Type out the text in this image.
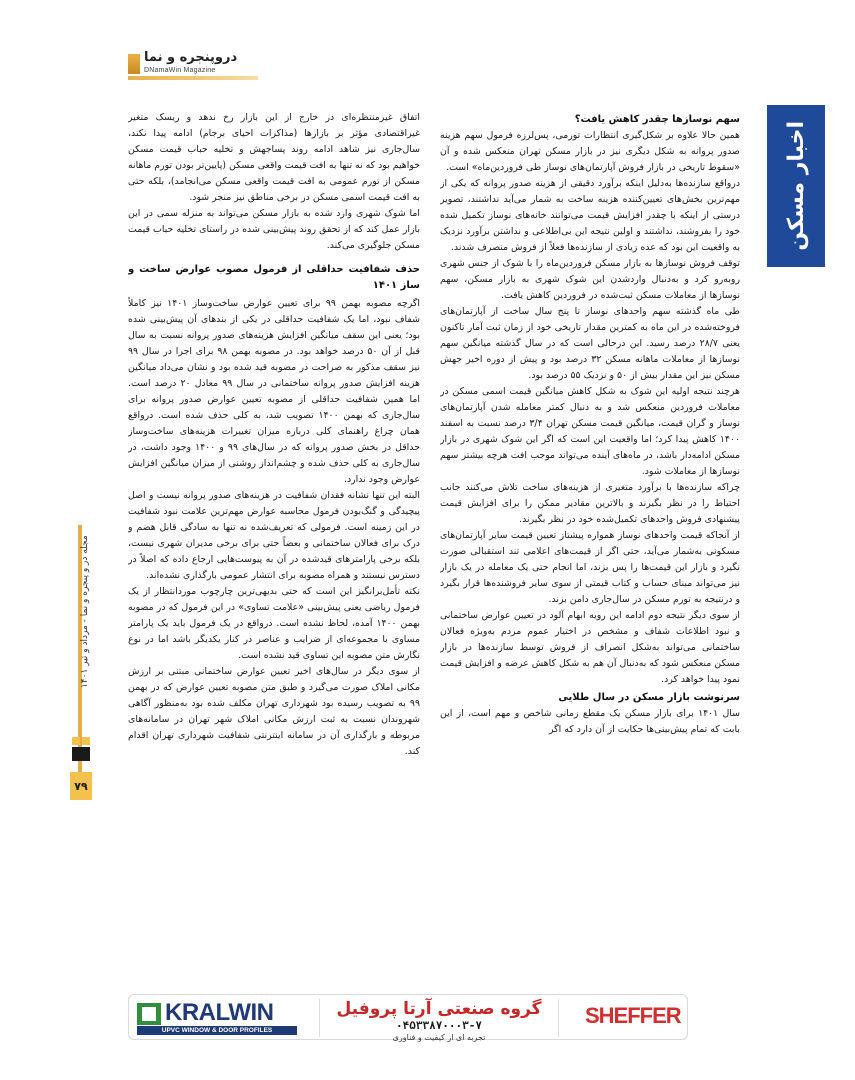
دروپنجره و نما
DNamaWin Magazine
اخبار مسکن
مجله در و پنجره و نما - مرداد و تیر ۱۴۰۱
۷۹
سهم نوسازها چقدر کاهش یافت؟

همین حالا علاوه بر شکل‌گیری انتظارات تورمی، پس‌لرزه فرمول سهم هزینه صدور پروانه به شکل دیگری نیز در بازار مسکن تهران منعکس شده و آن «سقوط تاریخی در بازار فروش آپارتمان‌های نوساز طی فروردین‌ماه» است.

درواقع سازنده‌ها به‌دلیل اینکه برآورد دقیقی از هزینه صدور پروانه که یکی از مهم‌ترین بخش‌های تعیین‌کننده هزینه ساخت به شمار می‌آید نداشتند، تصویر درستی از اینکه با چقدر افزایش قیمت می‌توانند خانه‌های نوساز تکمیل شده خود را بفروشند، نداشتند و اولین نتیجه این بی‌اطلاعی و نداشتن برآورد نزدیک به واقعیت این بود که عده زیادی از سازنده‌ها فعلاً از فروش منصرف شدند.

توقف فروش نوسازها به بازار مسکن فروردین‌ماه را با شوک از جنس شهری روبه‌رو کرد و به‌دنبال واردشدن این شوک شهری به بازار مسکن، سهم نوسازها از معاملات مسکن ثبت‌شده در فروردین کاهش یافت.

طی ماه گذشته سهم واحدهای نوساز تا پنج سال ساخت از آپارتمان‌های فروخته‌شده در این ماه به کمترین مقدار تاریخی خود از زمان ثبت آمار تاکنون یعنی ۲۸/۷ درصد رسید. این درحالی است که در سال گذشته میانگین سهم نوسازها از معاملات ماهانه مسکن ۳۲ درصد بود و پیش از دوره اخیر جهش مسکن نیز این مقدار بیش از ۵۰ و نزدیک ۵۵ درصد بود.

هرچند نتیجه اولیه این شوک به شکل کاهش میانگین قیمت اسمی مسکن در معاملات فروردین منعکس شد و به دنبال کمتر معامله شدن آپارتمان‌های نوساز و گران قیمت، میانگین قیمت مسکن تهران ۳/۴ درصد نسبت به اسفند ۱۴۰۰ کاهش پیدا کرد؛ اما واقعیت این است که اگر این شوک شهری در بازار مسکن ادامه‌دار باشد، در ماه‌های آینده می‌تواند موجب افت هرچه بیشتر سهم نوسازها از معاملات شود.

چراکه سازنده‌ها با برآورد متغیری از هزینه‌های ساخت تلاش می‌کنند جانب احتیاط را در نظر بگیرند و بالاترین مقادیر ممکن را برای افزایش قیمت پیشنهادی فروش واحدهای تکمیل‌شده خود در نظر بگیرند.

از آنجاکه قیمت واحدهای نوساز همواره پیشتاز تعیین قیمت سایر آپارتمان‌های مسکونی به‌شمار می‌آید، حتی اگر از قیمت‌های اعلامی تند استقبالی صورت نگیرد و بازار این قیمت‌ها را پس بزند، اما انجام حتی یک معامله در یک بازار نیز می‌تواند مبنای حساب و کتاب قیمتی از سوی سایر فروشنده‌ها قرار بگیرد و درنتیجه به تورم مسکن در سال‌جاری دامن بزند.

از سوی دیگر نتیجه دوم ادامه این رویه ابهام آلود در تعیین عوارض ساختمانی و نبود اطلاعات شفاف و مشخص در اختیار عموم مردم به‌ویژه فعالان ساختمانی می‌تواند به‌شکل انصراف از فروش توسط سازنده‌ها در بازار مسکن منعکس شود که به‌دنبال آن هم به شکل کاهش عرضه و افزایش قیمت نمود پیدا خواهد کرد.

سرنوشت بازار مسکن در سال طلایی

سال ۱۴۰۱ برای بازار مسکن یک مقطع زمانی شاخص و مهم است، از این بابت که تمام پیش‌بینی‌ها حکایت از آن دارد که اگر

اتفاق غیرمنتظره‌ای در خارج از این بازار رخ ندهد و ریسک متغیر غیراقتصادی مؤثر بر بازارها (مذاکرات احیای برجام) ادامه پیدا نکند، سال‌جاری نیز شاهد ادامه روند پساجهش و تخلیه حباب قیمت مسکن خواهیم بود که نه تنها به افت قیمت واقعی مسکن (پایین‌تر بودن تورم ماهانه مسکن از تورم عمومی به افت قیمت واقعی مسکن می‌انجامد)، بلکه حتی به افت قیمت اسمی مسکن در برخی مناطق نیز منجر شود.

اما شوک شهری وارد شده به بازار مسکن می‌تواند به منزله سمی در این بازار عمل کند که از تحقق روند پیش‌بینی شده در راستای تخلیه حباب قیمت مسکن جلوگیری می‌کند.

حذف شفافیت حداقلی از فرمول مصوب عوارض ساخت و ساز ۱۴۰۱

اگرچه مصوبه بهمن ۹۹ برای تعیین عوارض ساخت‌وساز ۱۴۰۱ نیز کاملاً شفاف نبود، اما یک شفافیت حداقلی در یکی از بندهای آن پیش‌بینی شده بود؛ یعنی این سقف میانگین افزایش هزینه‌های صدور پروانه نسبت به سال قبل از آن ۵۰ درصد خواهد بود. در مصوبه بهمن ۹۸ برای اجرا در سال ۹۹ نیز سقف مذکور به صراحت در مصوبه قید شده بود و نشان می‌داد میانگین هزینه افزایش صدور پروانه ساختمانی در سال ۹۹ معادل ۲۰ درصد است. اما همین شفافیت حداقلی از مصوبه تعیین عوارض صدور پروانه برای سال‌جاری که بهمن ۱۴۰۰ تصویب شد، به کلی حذف شده است. درواقع همان چراغ راهنمای کلی درباره میزان تغییرات هزینه‌های ساخت‌وساز حداقل در بخش صدور پروانه که در سال‌های ۹۹ و ۱۴۰۰ وجود داشت، در سال‌جاری به کلی حذف شده و چشم‌انداز روشنی از میزان میانگین افزایش عوارض وجود ندارد.

البته این تنها نشانه فقدان شفافیت در هزینه‌های صدور پروانه نیست و اصل پیچیدگی و گنگ‌بودن فرمول محاسبه عوارض مهم‌ترین علامت نبود شفافیت در این زمینه است. فرمولی که تعریف‌شده نه تنها به سادگی قابل هضم و درک برای فعالان ساختمانی و بعضاً حتی برای برخی مدیران شهری نیست، بلکه برخی پارامترهای قیدشده در آن به پیوست‌هایی ارجاع داده که اصلاً در دسترس نیستند و همراه مصوبه برای انتشار عمومی بارگذاری نشده‌اند.

نکته تأمل‌برانگیز این است که حتی بدیهی‌ترین چارچوب موردانتظار از یک فرمول ریاضی یعنی پیش‌بینی «علامت تساوی» در این فرمول که در مصوبه بهمن ۱۴۰۰ آمده، لحاظ نشده است. درواقع در یک فرمول باید یک پارامتر مساوی با مجموعه‌ای از ضرایب و عناصر در کنار یکدیگر باشد اما در نوع نگارش متن مصوبه این تساوی قید نشده است.

از سوی دیگر در سال‌های اخیر تعیین عوارض ساختمانی مبتنی بر ارزش مکانی املاک صورت می‌گیرد و طبق متن مصوبه تعیین عوارض که در بهمن ۹۹ به تصویب رسیده بود شهرداری تهران مکلف شده بود به‌منظور آگاهی شهروندان نسبت به ثبت ارزش مکانی املاک شهر تهران در سامانه‌های مربوطه و بارگذاری آن در سامانه اینترنتی شفافیت شهرداری تهران اقدام کند.

KRALWIN
UPVC WINDOW & DOOR PROFILES
گروه صنعتی آرتا پروفیل
۰۴۵۳۳۸۷۰۰۰۳-۷
تجربه ای از کیفیت و فناوری
SHEFFER
